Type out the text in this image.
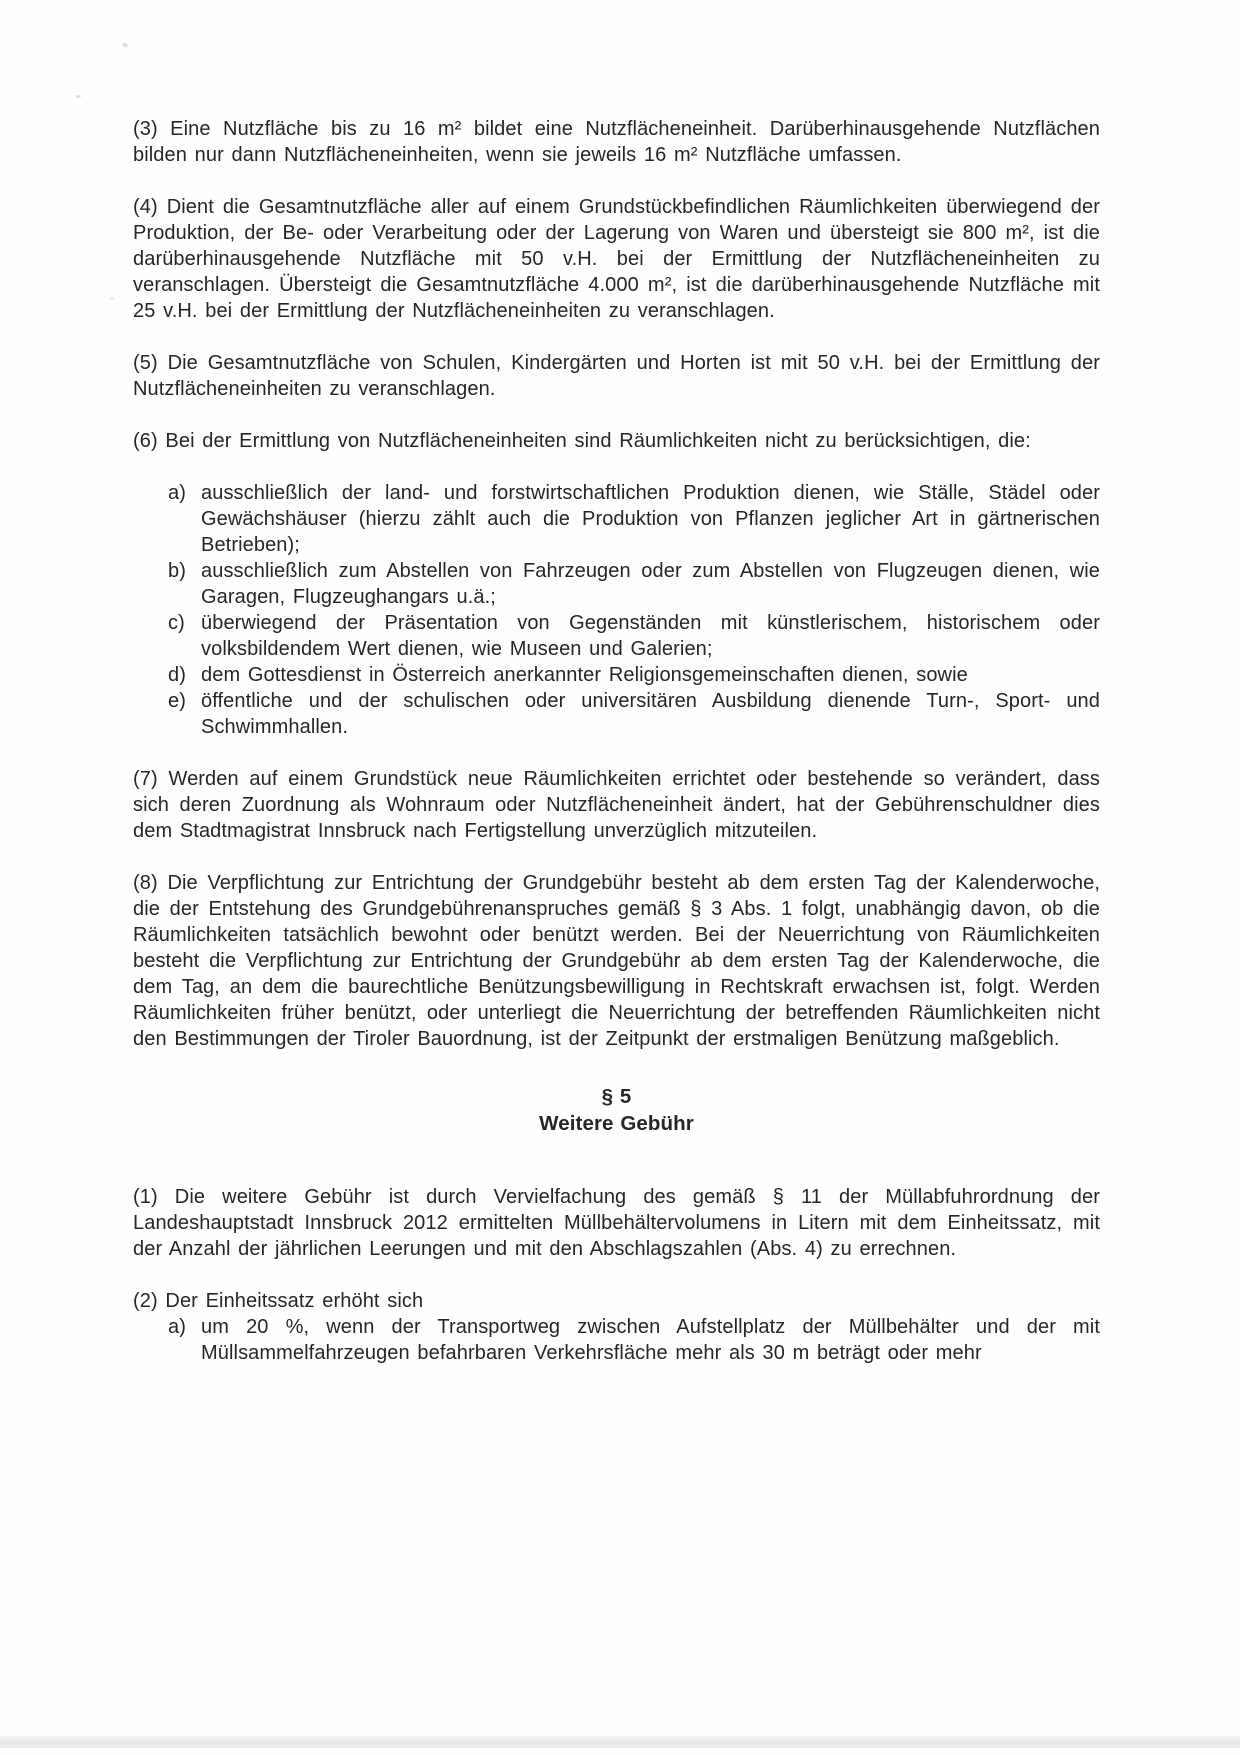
(3) Eine Nutzfläche bis zu 16 m² bildet eine Nutzflächeneinheit. Darüberhinausgehende Nutzflächen bilden nur dann Nutzflächeneinheiten, wenn sie jeweils 16 m² Nutzfläche umfassen.

(4) Dient die Gesamtnutzfläche aller auf einem Grundstückbefindlichen Räumlichkeiten überwiegend der Produktion, der Be- oder Verarbeitung oder der Lagerung von Waren und übersteigt sie 800 m², ist die darüberhinausgehende Nutzfläche mit 50 v.H. bei der Ermittlung der Nutzflächeneinheiten zu veranschlagen. Übersteigt die Gesamtnutzfläche 4.000 m², ist die darüberhinausgehende Nutzfläche mit 25 v.H. bei der Ermittlung der Nutzflächeneinheiten zu veranschlagen.

(5) Die Gesamtnutzfläche von Schulen, Kindergärten und Horten ist mit 50 v.H. bei der Ermittlung der Nutzflächeneinheiten zu veranschlagen.

(6) Bei der Ermittlung von Nutzflächeneinheiten sind Räumlichkeiten nicht zu berücksichtigen, die:

a) ausschließlich der land- und forstwirtschaftlichen Produktion dienen, wie Ställe, Städel oder Gewächshäuser (hierzu zählt auch die Produktion von Pflanzen jeglicher Art in gärtnerischen Betrieben);
b) ausschließlich zum Abstellen von Fahrzeugen oder zum Abstellen von Flugzeugen dienen, wie Garagen, Flugzeughangars u.ä.;
c) überwiegend der Präsentation von Gegenständen mit künstlerischem, historischem oder volksbildendem Wert dienen, wie Museen und Galerien;
d) dem Gottesdienst in Österreich anerkannter Religionsgemeinschaften dienen, sowie
e) öffentliche und der schulischen oder universitären Ausbildung dienende Turn-, Sport- und Schwimmhallen.

(7) Werden auf einem Grundstück neue Räumlichkeiten errichtet oder bestehende so verändert, dass sich deren Zuordnung als Wohnraum oder Nutzflächeneinheit ändert, hat der Gebührenschuldner dies dem Stadtmagistrat Innsbruck nach Fertigstellung unverzüglich mitzuteilen.

(8) Die Verpflichtung zur Entrichtung der Grundgebühr besteht ab dem ersten Tag der Kalenderwoche, die der Entstehung des Grundgebührenanspruches gemäß § 3 Abs. 1 folgt, unabhängig davon, ob die Räumlichkeiten tatsächlich bewohnt oder benützt werden. Bei der Neuerrichtung von Räumlichkeiten besteht die Verpflichtung zur Entrichtung der Grundgebühr ab dem ersten Tag der Kalenderwoche, die dem Tag, an dem die baurechtliche Benützungsbewilligung in Rechtskraft erwachsen ist, folgt. Werden Räumlichkeiten früher benützt, oder unterliegt die Neuerrichtung der betreffenden Räumlichkeiten nicht den Bestimmungen der Tiroler Bauordnung, ist der Zeitpunkt der erstmaligen Benützung maßgeblich.

§ 5
Weitere Gebühr

(1) Die weitere Gebühr ist durch Vervielfachung des gemäß § 11 der Müllabfuhrordnung der Landeshauptstadt Innsbruck 2012 ermittelten Müllbehältervolumens in Litern mit dem Einheitssatz, mit der Anzahl der jährlichen Leerungen und mit den Abschlagszahlen (Abs. 4) zu errechnen.

(2) Der Einheitssatz erhöht sich

a) um 20 %, wenn der Transportweg zwischen Aufstellplatz der Müllbehälter und der mit Müllsammelfahrzeugen befahrbaren Verkehrsfläche mehr als 30 m beträgt oder mehr
